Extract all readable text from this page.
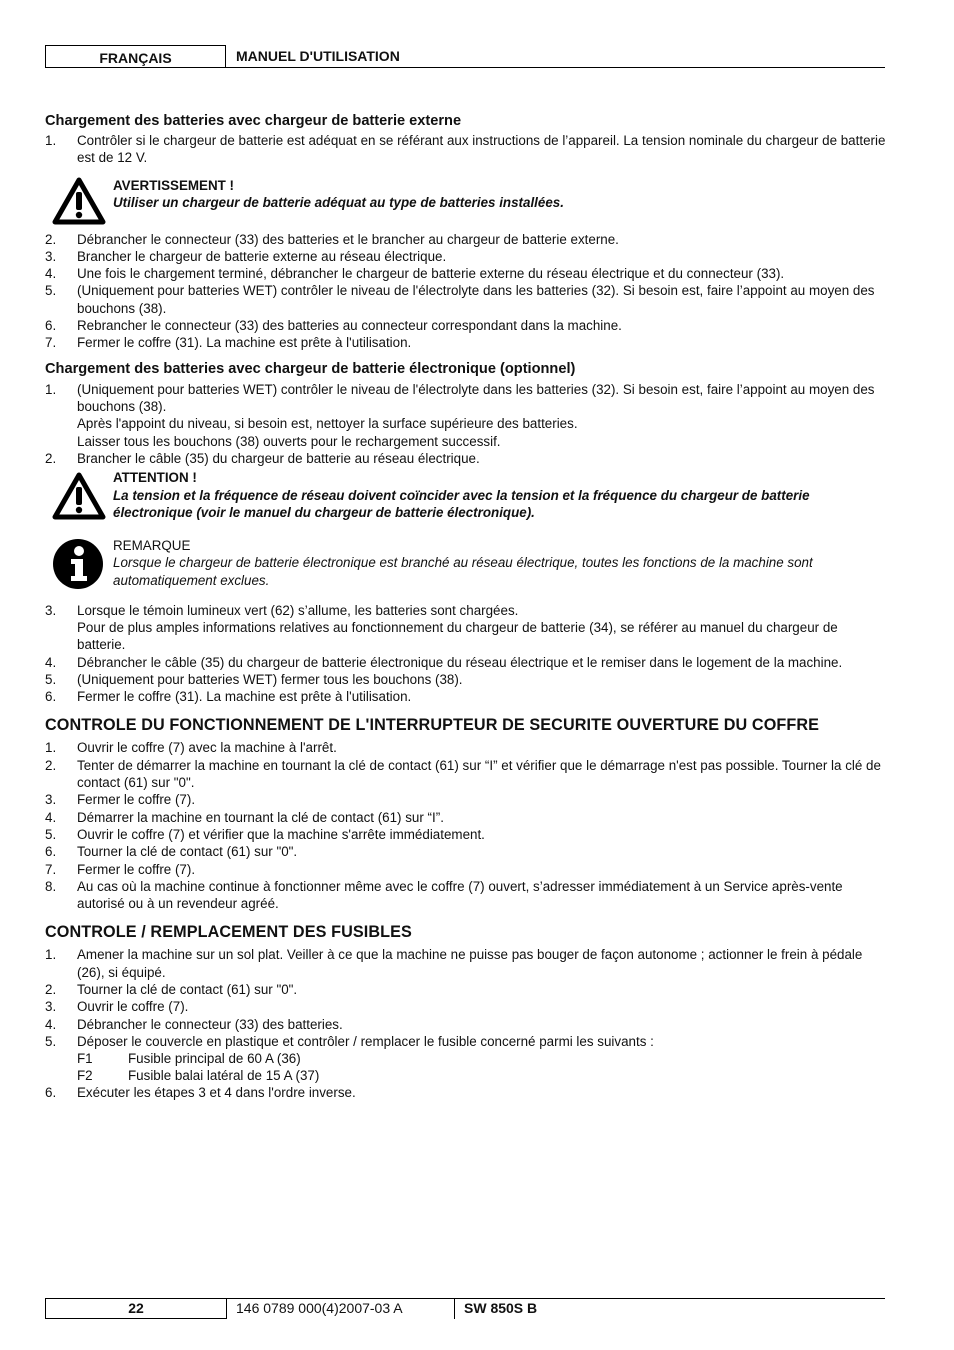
FRANÇAIS	MANUEL D'UTILISATION
Chargement des batteries avec chargeur de batterie externe
1. Contrôler si le chargeur de batterie est adéquat en se référant aux instructions de l’appareil. La tension nominale du chargeur de batterie est de 12 V.
AVERTISSEMENT !
Utiliser un chargeur de batterie adéquat au type de batteries installées.
2. Débrancher le connecteur (33) des batteries et le brancher au chargeur de batterie externe.
3. Brancher le chargeur de batterie externe au réseau électrique.
4. Une fois le chargement terminé, débrancher le chargeur de batterie externe du réseau électrique et du connecteur (33).
5. (Uniquement pour batteries WET) contrôler le niveau de l'électrolyte dans les batteries (32). Si besoin est, faire l’appoint au moyen des bouchons (38).
6. Rebrancher le connecteur (33) des batteries au connecteur correspondant dans la machine.
7. Fermer le coffre (31). La machine est prête à l'utilisation.
Chargement des batteries avec chargeur de batterie électronique (optionnel)
1. (Uniquement pour batteries WET) contrôler le niveau de l'électrolyte dans les batteries (32). Si besoin est, faire l’appoint au moyen des bouchons (38).
Après l'appoint du niveau, si besoin est, nettoyer la surface supérieure des batteries.
Laisser tous les bouchons (38) ouverts pour le rechargement successif.
2. Brancher le câble (35) du chargeur de batterie au réseau électrique.
ATTENTION !
La tension et la fréquence de réseau doivent coïncider avec la tension et la fréquence du chargeur de batterie électronique (voir le manuel du chargeur de batterie électronique).
REMARQUE
Lorsque le chargeur de batterie électronique est branché au réseau électrique, toutes les fonctions de la machine sont automatiquement exclues.
3. Lorsque le témoin lumineux vert (62) s’allume, les batteries sont chargées.
Pour de plus amples informations relatives au fonctionnement du chargeur de batterie (34), se référer au manuel du chargeur de batterie.
4. Débrancher le câble (35) du chargeur de batterie électronique du réseau électrique et le remiser dans le logement de la machine.
5. (Uniquement pour batteries WET) fermer tous les bouchons (38).
6. Fermer le coffre (31). La machine est prête à l'utilisation.
CONTROLE DU FONCTIONNEMENT DE L'INTERRUPTEUR DE SECURITE OUVERTURE DU COFFRE
1. Ouvrir le coffre (7) avec la machine à l'arrêt.
2. Tenter de démarrer la machine en tournant la clé de contact (61) sur “I” et vérifier que le démarrage n'est pas possible. Tourner la clé de contact (61) sur "0".
3. Fermer le coffre (7).
4. Démarrer la machine en tournant la clé de contact (61) sur “I”.
5. Ouvrir le coffre (7) et vérifier que la machine s'arrête immédiatement.
6. Tourner la clé de contact (61) sur "0".
7. Fermer le coffre (7).
8. Au cas où la machine continue à fonctionner même avec le coffre (7) ouvert, s’adresser immédiatement à un Service après-vente autorisé ou à un revendeur agréé.
CONTROLE / REMPLACEMENT DES FUSIBLES
1. Amener la machine sur un sol plat. Veiller à ce que la machine ne puisse pas bouger de façon autonome ; actionner le frein à pédale (26), si équipé.
2. Tourner la clé de contact (61) sur "0".
3. Ouvrir le coffre (7).
4. Débrancher le connecteur (33) des batteries.
5. Déposer le couvercle en plastique et contrôler / remplacer le fusible concerné parmi les suivants :
F1	Fusible principal de 60 A (36)
F2	Fusible balai latéral de 15 A (37)
6. Exécuter les étapes 3 et 4 dans l'ordre inverse.
22	146 0789 000(4)2007-03 A	SW 850S B
